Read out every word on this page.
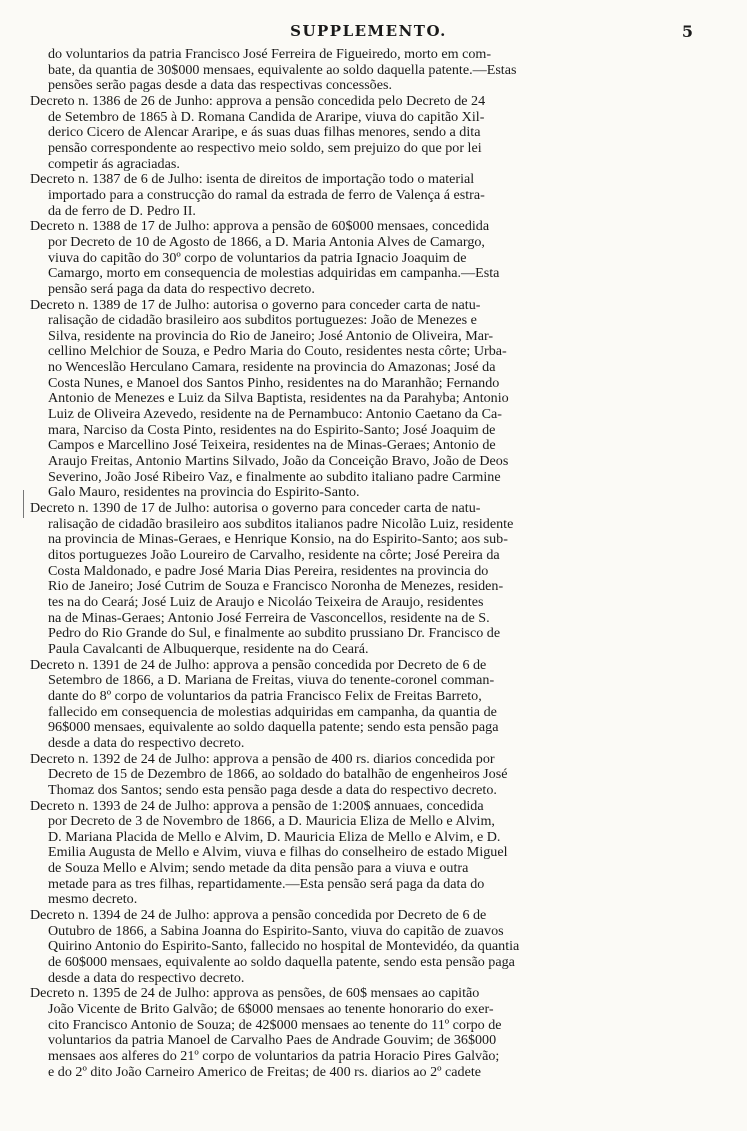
SUPPLEMENTO.	5
do voluntarios da patria Francisco José Ferreira de Figueiredo, morto em com-
bate, da quantia de 30$000 mensaes, equivalente ao soldo daquella patente.—Estas
pensões serão pagas desde a data das respectivas concessões.
Decreto n. 1386 de 26 de Junho: approva a pensão concedida pelo Decreto de 24
de Setembro de 1865 à D. Romana Candida de Araripe, viuva do capitão Xil-
derico Cicero de Alencar Araripe, e ás suas duas filhas menores, sendo a dita
pensão correspondente ao respectivo meio soldo, sem prejuizo do que por lei
competir ás agraciadas.
Decreto n. 1387 de 6 de Julho: isenta de direitos de importação todo o material
importado para a construcção do ramal da estrada de ferro de Valença á estra-
da de ferro de D. Pedro II.
Decreto n. 1388 de 17 de Julho: approva a pensão de 60$000 mensaes, concedida
por Decreto de 10 de Agosto de 1866, a D. Maria Antonia Alves de Camargo,
viuva do capitão do 30º corpo de voluntarios da patria Ignacio Joaquim de
Camargo, morto em consequencia de molestias adquiridas em campanha.—Esta
pensão será paga da data do respectivo decreto.
Decreto n. 1389 de 17 de Julho: autorisa o governo para conceder carta de natu-
ralisação de cidadão brasileiro aos subditos portuguezes: João de Menezes e
Silva, residente na provincia do Rio de Janeiro; José Antonio de Oliveira, Mar-
cellino Melchior de Souza, e Pedro Maria do Couto, residentes nesta côrte; Urba-
no Wenceslão Herculano Camara, residente na provincia do Amazonas; José da
Costa Nunes, e Manoel dos Santos Pinho, residentes na do Maranhão; Fernando
Antonio de Menezes e Luiz da Silva Baptista, residentes na da Parahyba; Antonio
Luiz de Oliveira Azevedo, residente na de Pernambuco: Antonio Caetano da Ca-
mara, Narciso da Costa Pinto, residentes na do Espirito-Santo; José Joaquim de
Campos e Marcellino José Teixeira, residentes na de Minas-Geraes; Antonio de
Araujo Freitas, Antonio Martins Silvado, João da Conceição Bravo, João de Deos
Severino, João José Ribeiro Vaz, e finalmente ao subdito italiano padre Carmine
Galo Mauro, residentes na provincia do Espirito-Santo.
Decreto n. 1390 de 17 de Julho: autorisa o governo para conceder carta de natu-
ralisação de cidadão brasileiro aos subditos italianos padre Nicolão Luiz, residente
na provincia de Minas-Geraes, e Henrique Konsio, na do Espirito-Santo; aos sub-
ditos portuguezes João Loureiro de Carvalho, residente na côrte; José Pereira da
Costa Maldonado, e padre José Maria Dias Pereira, residentes na provincia do
Rio de Janeiro; José Cutrim de Souza e Francisco Noronha de Menezes, residen-
tes na do Ceará; José Luiz de Araujo e Nicoláo Teixeira de Araujo, residentes
na de Minas-Geraes; Antonio José Ferreira de Vasconcellos, residente na de S.
Pedro do Rio Grande do Sul, e finalmente ao subdito prussiano Dr. Francisco de
Paula Cavalcanti de Albuquerque, residente na do Ceará.
Decreto n. 1391 de 24 de Julho: approva a pensão concedida por Decreto de 6 de
Setembro de 1866, a D. Mariana de Freitas, viuva do tenente-coronel comman-
dante do 8º corpo de voluntarios da patria Francisco Felix de Freitas Barreto,
fallecido em consequencia de molestias adquiridas em campanha, da quantia de
96$000 mensaes, equivalente ao soldo daquella patente; sendo esta pensão paga
desde a data do respectivo decreto.
Decreto n. 1392 de 24 de Julho: approva a pensão de 400 rs. diarios concedida por
Decreto de 15 de Dezembro de 1866, ao soldado do batalhão de engenheiros José
Thomaz dos Santos; sendo esta pensão paga desde a data do respectivo decreto.
Decreto n. 1393 de 24 de Julho: approva a pensão de 1:200$ annuaes, concedida
por Decreto de 3 de Novembro de 1866, a D. Mauricia Eliza de Mello e Alvim,
D. Mariana Placida de Mello e Alvim, D. Mauricia Eliza de Mello e Alvim, e D.
Emilia Augusta de Mello e Alvim, viuva e filhas do conselheiro de estado Miguel
de Souza Mello e Alvim; sendo metade da dita pensão para a viuva e outra
metade para as tres filhas, repartidamente.—Esta pensão será paga da data do
mesmo decreto.
Decreto n. 1394 de 24 de Julho: approva a pensão concedida por Decreto de 6 de
Outubro de 1866, a Sabina Joanna do Espirito-Santo, viuva do capitão de zuavos
Quirino Antonio do Espirito-Santo, fallecido no hospital de Montevidéo, da quantia
de 60$000 mensaes, equivalente ao soldo daquella patente, sendo esta pensão paga
desde a data do respectivo decreto.
Decreto n. 1395 de 24 de Julho: approva as pensões, de 60$ mensaes ao capitão
João Vicente de Brito Galvão; de 6$000 mensaes ao tenente honorario do exer-
cito Francisco Antonio de Souza; de 42$000 mensaes ao tenente do 11º corpo de
voluntarios da patria Manoel de Carvalho Paes de Andrade Gouvim; de 36$000
mensaes aos alferes do 21º corpo de voluntarios da patria Horacio Pires Galvão;
e do 2º dito João Carneiro Americo de Freitas; de 400 rs. diarios ao 2º cadete
